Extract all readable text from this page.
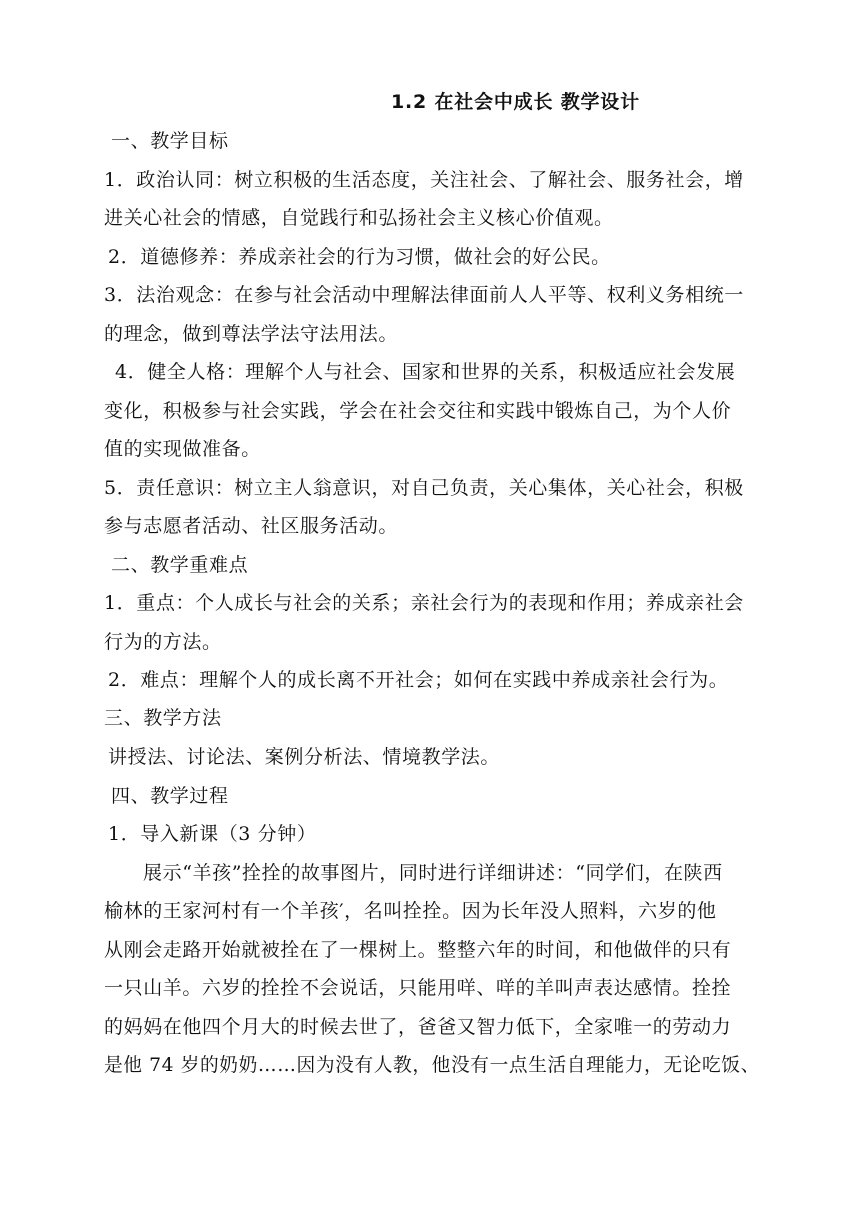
1.2 在社会中成长 教学设计
一、教学目标
1．政治认同：树立积极的生活态度，关注社会、了解社会、服务社会，增
进关心社会的情感，自觉践行和弘扬社会主义核心价值观。
2．道德修养：养成亲社会的行为习惯，做社会的好公民。
3．法治观念：在参与社会活动中理解法律面前人人平等、权利义务相统一
的理念，做到尊法学法守法用法。
4．健全人格：理解个人与社会、国家和世界的关系，积极适应社会发展
变化，积极参与社会实践，学会在社会交往和实践中锻炼自己，为个人价
值的实现做准备。
5．责任意识：树立主人翁意识，对自己负责，关心集体，关心社会，积极
参与志愿者活动、社区服务活动。
二、教学重难点
1．重点：个人成长与社会的关系；亲社会行为的表现和作用；养成亲社会
行为的方法。
2．难点：理解个人的成长离不开社会；如何在实践中养成亲社会行为。
三、教学方法
讲授法、讨论法、案例分析法、情境教学法。
四、教学过程
1．导入新课（3 分钟）
展示“羊孩”拴拴的故事图片，同时进行详细讲述：“同学们，在陕西
榆林的王家河村有一个羊孩′，名叫拴拴。因为长年没人照料，六岁的他
从刚会走路开始就被拴在了一棵树上。整整六年的时间，和他做伴的只有
一只山羊。六岁的拴拴不会说话，只能用咩、咩的羊叫声表达感情。拴拴
的妈妈在他四个月大的时候去世了，爸爸又智力低下，全家唯一的劳动力
是他 74 岁的奶奶……因为没有人教，他没有一点生活自理能力，无论吃饭、
